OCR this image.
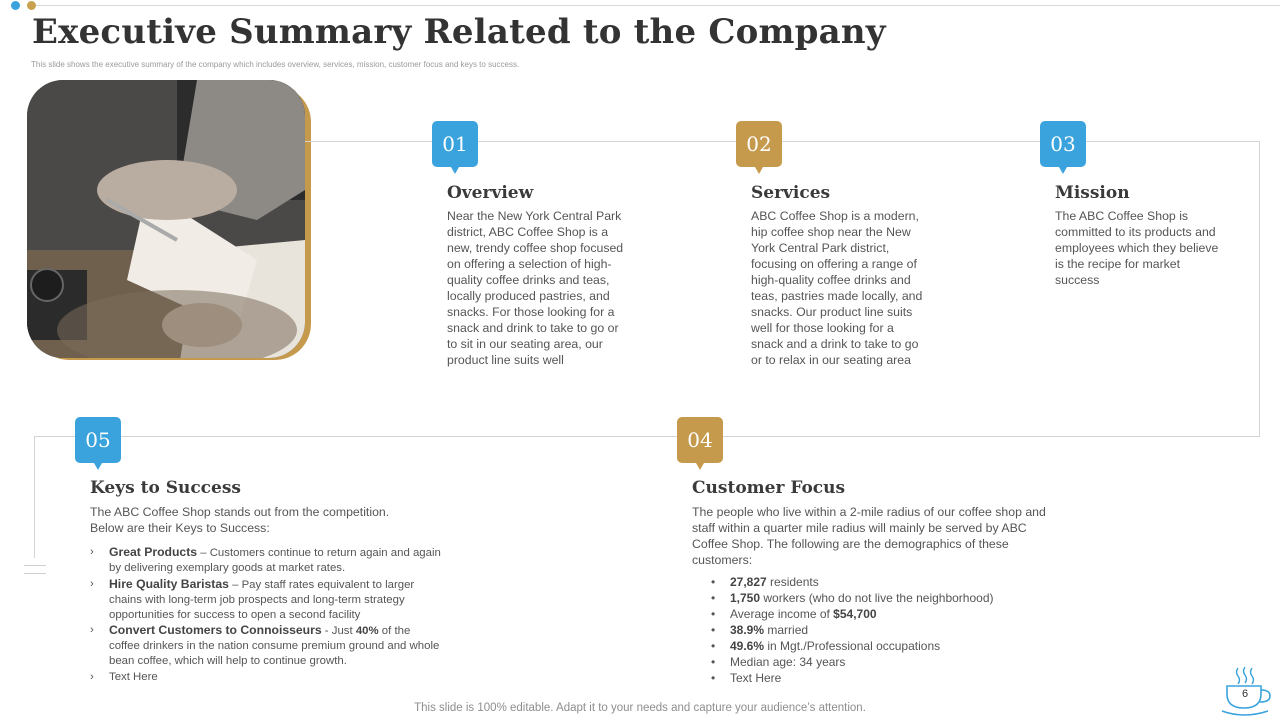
Executive Summary Related to the Company
This slide shows the executive summary of the company which includes overview, services, mission, customer focus and keys to success.
01
Overview
Near the New York Central Park district, ABC Coffee Shop is a new, trendy coffee shop focused on offering a selection of high-quality coffee drinks and teas, locally produced pastries, and snacks. For those looking for a snack and drink to take to go or to sit in our seating area, our product line suits well
02
Services
ABC Coffee Shop is a modern, hip coffee shop near the New York Central Park district, focusing on offering a range of high-quality coffee drinks and teas, pastries made locally, and snacks. Our product line suits well for those looking for a snack and a drink to take to go or to relax in our seating area
03
Mission
The ABC Coffee Shop is committed to its products and employees which they believe is the recipe for market success
05
Keys to Success
The ABC Coffee Shop stands out from the competition. Below are their Keys to Success:
› Great Products – Customers continue to return again and again by delivering exemplary goods at market rates.
› Hire Quality Baristas – Pay staff rates equivalent to larger chains with long-term job prospects and long-term strategy opportunities for success to open a second facility
› Convert Customers to Connoisseurs - Just 40% of the coffee drinkers in the nation consume premium ground and whole bean coffee, which will help to continue growth.
› Text Here
04
Customer Focus
The people who live within a 2-mile radius of our coffee shop and staff within a quarter mile radius will mainly be served by ABC Coffee Shop. The following are the demographics of these customers:
• 27,827 residents
• 1,750 workers (who do not live the neighborhood)
• Average income of $54,700
• 38.9% married
• 49.6% in Mgt./Professional occupations
• Median age: 34 years
• Text Here
This slide is 100% editable. Adapt it to your needs and capture your audience’s attention.
6
